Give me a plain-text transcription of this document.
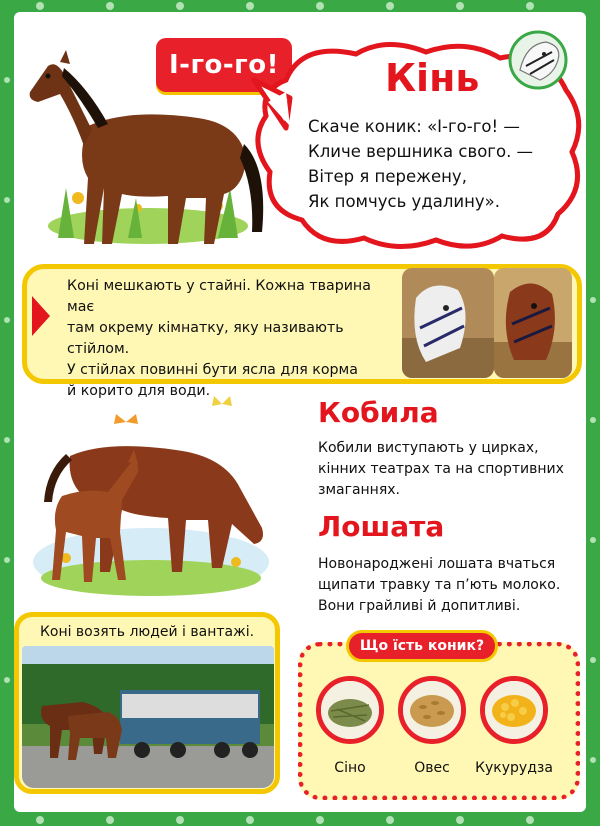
І-го-го!	Кінь
Скаче коник: «І-го-го! —
Кличе вершника свого. —
Вітер я пережену,
Як помчусь удалину».
Коні мешкають у стайні. Кожна тварина має
там окрему кімнатку, яку називають стійлом.
У стійлах повинні бути ясла для корма
й корито для води.
Кобила
Кобили виступають у цирках,
кінних театрах та на спортивних
змаганнях.
Лошата
Новонароджені лошата вчаться
щипати травку та п’ють молоко.
Вони грайливі й допитливі.
Коні возять людей і вантажі.
Що їсть коник?
Сіно	Овес	Кукурудза
